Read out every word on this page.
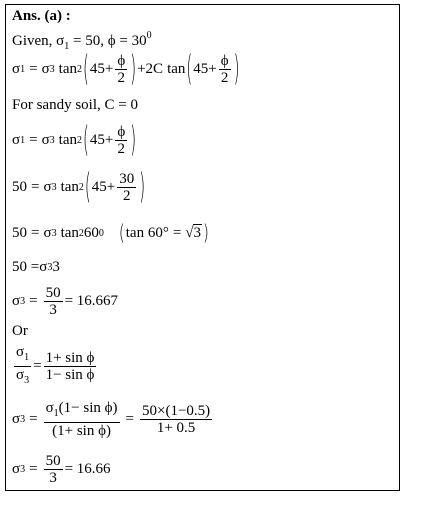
Ans. (a) :
Given, $\sigma_1 = 50$, $\phi = 30^0$
σ 1 = σ 3 tan 2 ( $45 + \frac{\phi}{2}$ ) + 2C tan ( $45 + \frac{\phi}{2}$ )
For sandy soil, C = 0
σ 1 = σ 3 tan 2 ( $45 + \frac{\phi}{2}$ )
50 = σ 3 tan 2 ( $45 + \frac{30}{2}$ )
50 = σ 3 tan 2 60 0 ( tan 60° = √ 3 )
50 = σ 3 3
σ $3 = \frac{50}{3} = 16.667$
Or
$\frac{\sigma_1}{\sigma_3} = \frac{\text{1+ sin ϕ}}{\text{1− sin ϕ}}$
σ $3 = \frac{\sigma_1(1- \sin \phi)}{\text{(1+ sin ϕ)}} = \frac{50\times(1-0.5)}{1+ 0.5}$
σ $3 = \frac{50}{3} = 16.66$
